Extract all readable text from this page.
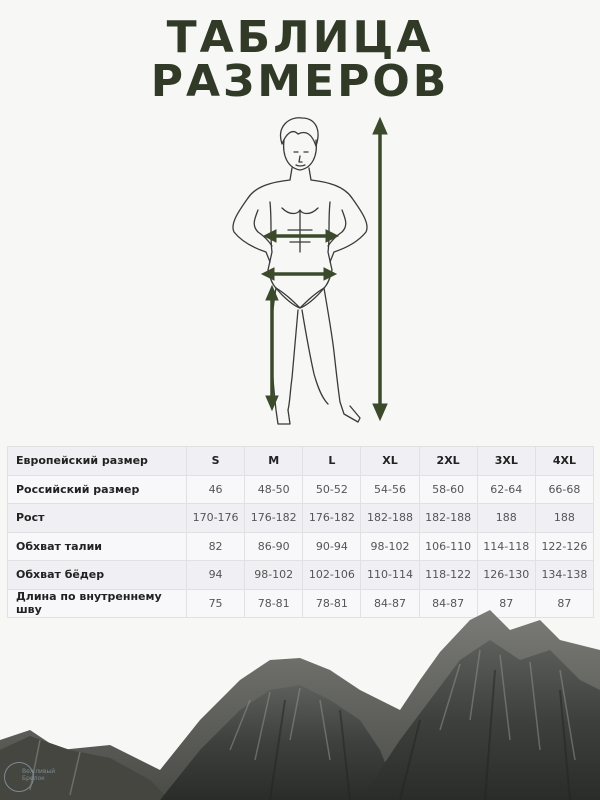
ТАБЛИЦА
РАЗМЕРОВ
Европейский размер	S	M	L	XL	2XL	3XL	4XL
Российский размер	46	48-50	50-52	54-56	58-60	62-64	66-68
Рост	170-176	176-182	176-182	182-188	182-188	188	188
Обхват талии	82	86-90	90-94	98-102	106-110	114-118	122-126
Обхват бёдер	94	98-102	102-106	110-114	118-122	126-130	134-138
Длина по внутреннему шву	75	78-81	78-81	84-87	84-87	87	87
Вежливый
Брелок
